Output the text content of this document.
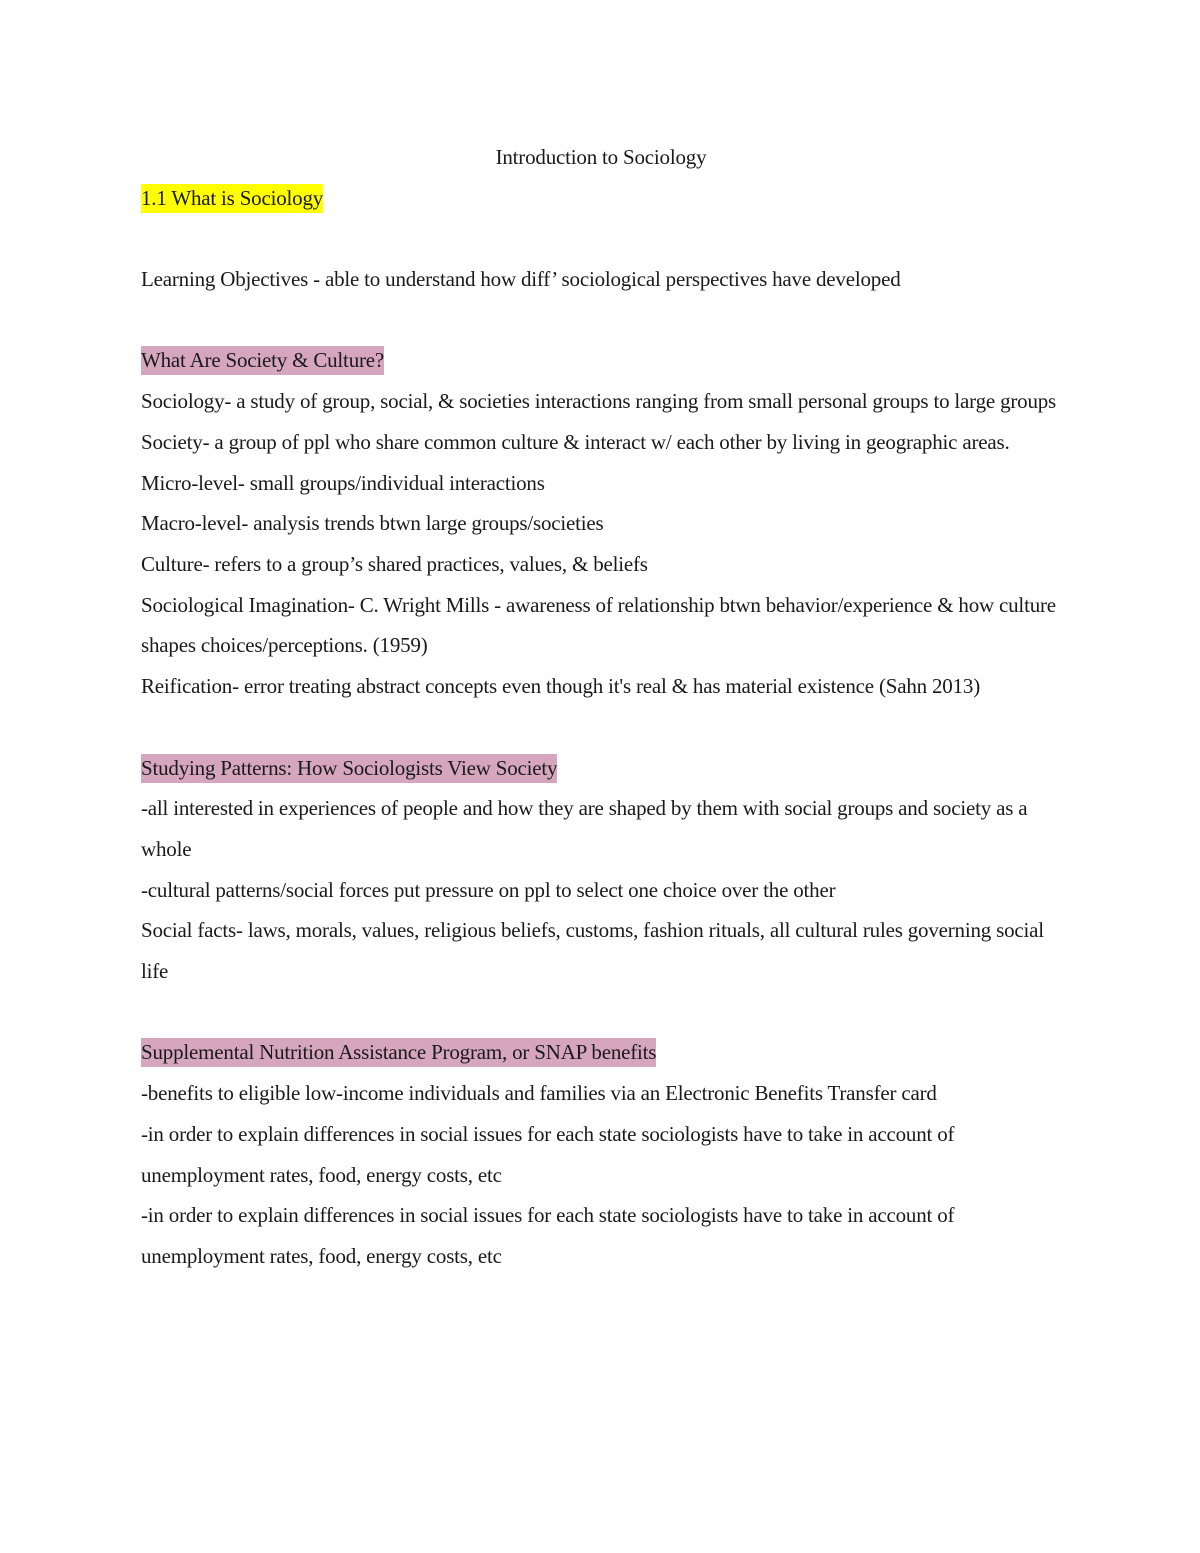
Introduction to Sociology

1.1 What is Sociology

Learning Objectives - able to understand how diff’ sociological perspectives have developed

What Are Society & Culture?

Sociology- a study of group, social, & societies interactions ranging from small personal groups to large groups

Society- a group of ppl who share common culture & interact w/ each other by living in geographic areas.

Micro-level- small groups/individual interactions

Macro-level- analysis trends btwn large groups/societies

Culture- refers to a group’s shared practices, values, & beliefs

Sociological Imagination- C. Wright Mills - awareness of relationship btwn behavior/experience & how culture shapes choices/perceptions. (1959)

Reification- error treating abstract concepts even though it's real & has material existence (Sahn 2013)

Studying Patterns: How Sociologists View Society

-all interested in experiences of people and how they are shaped by them with social groups and society as a whole

-cultural patterns/social forces put pressure on ppl to select one choice over the other

Social facts- laws, morals, values, religious beliefs, customs, fashion rituals, all cultural rules governing social life

Supplemental Nutrition Assistance Program, or SNAP benefits

-benefits to eligible low-income individuals and families via an Electronic Benefits Transfer card

-in order to explain differences in social issues for each state sociologists have to take in account of unemployment rates, food, energy costs, etc

-in order to explain differences in social issues for each state sociologists have to take in account of unemployment rates, food, energy costs, etc
